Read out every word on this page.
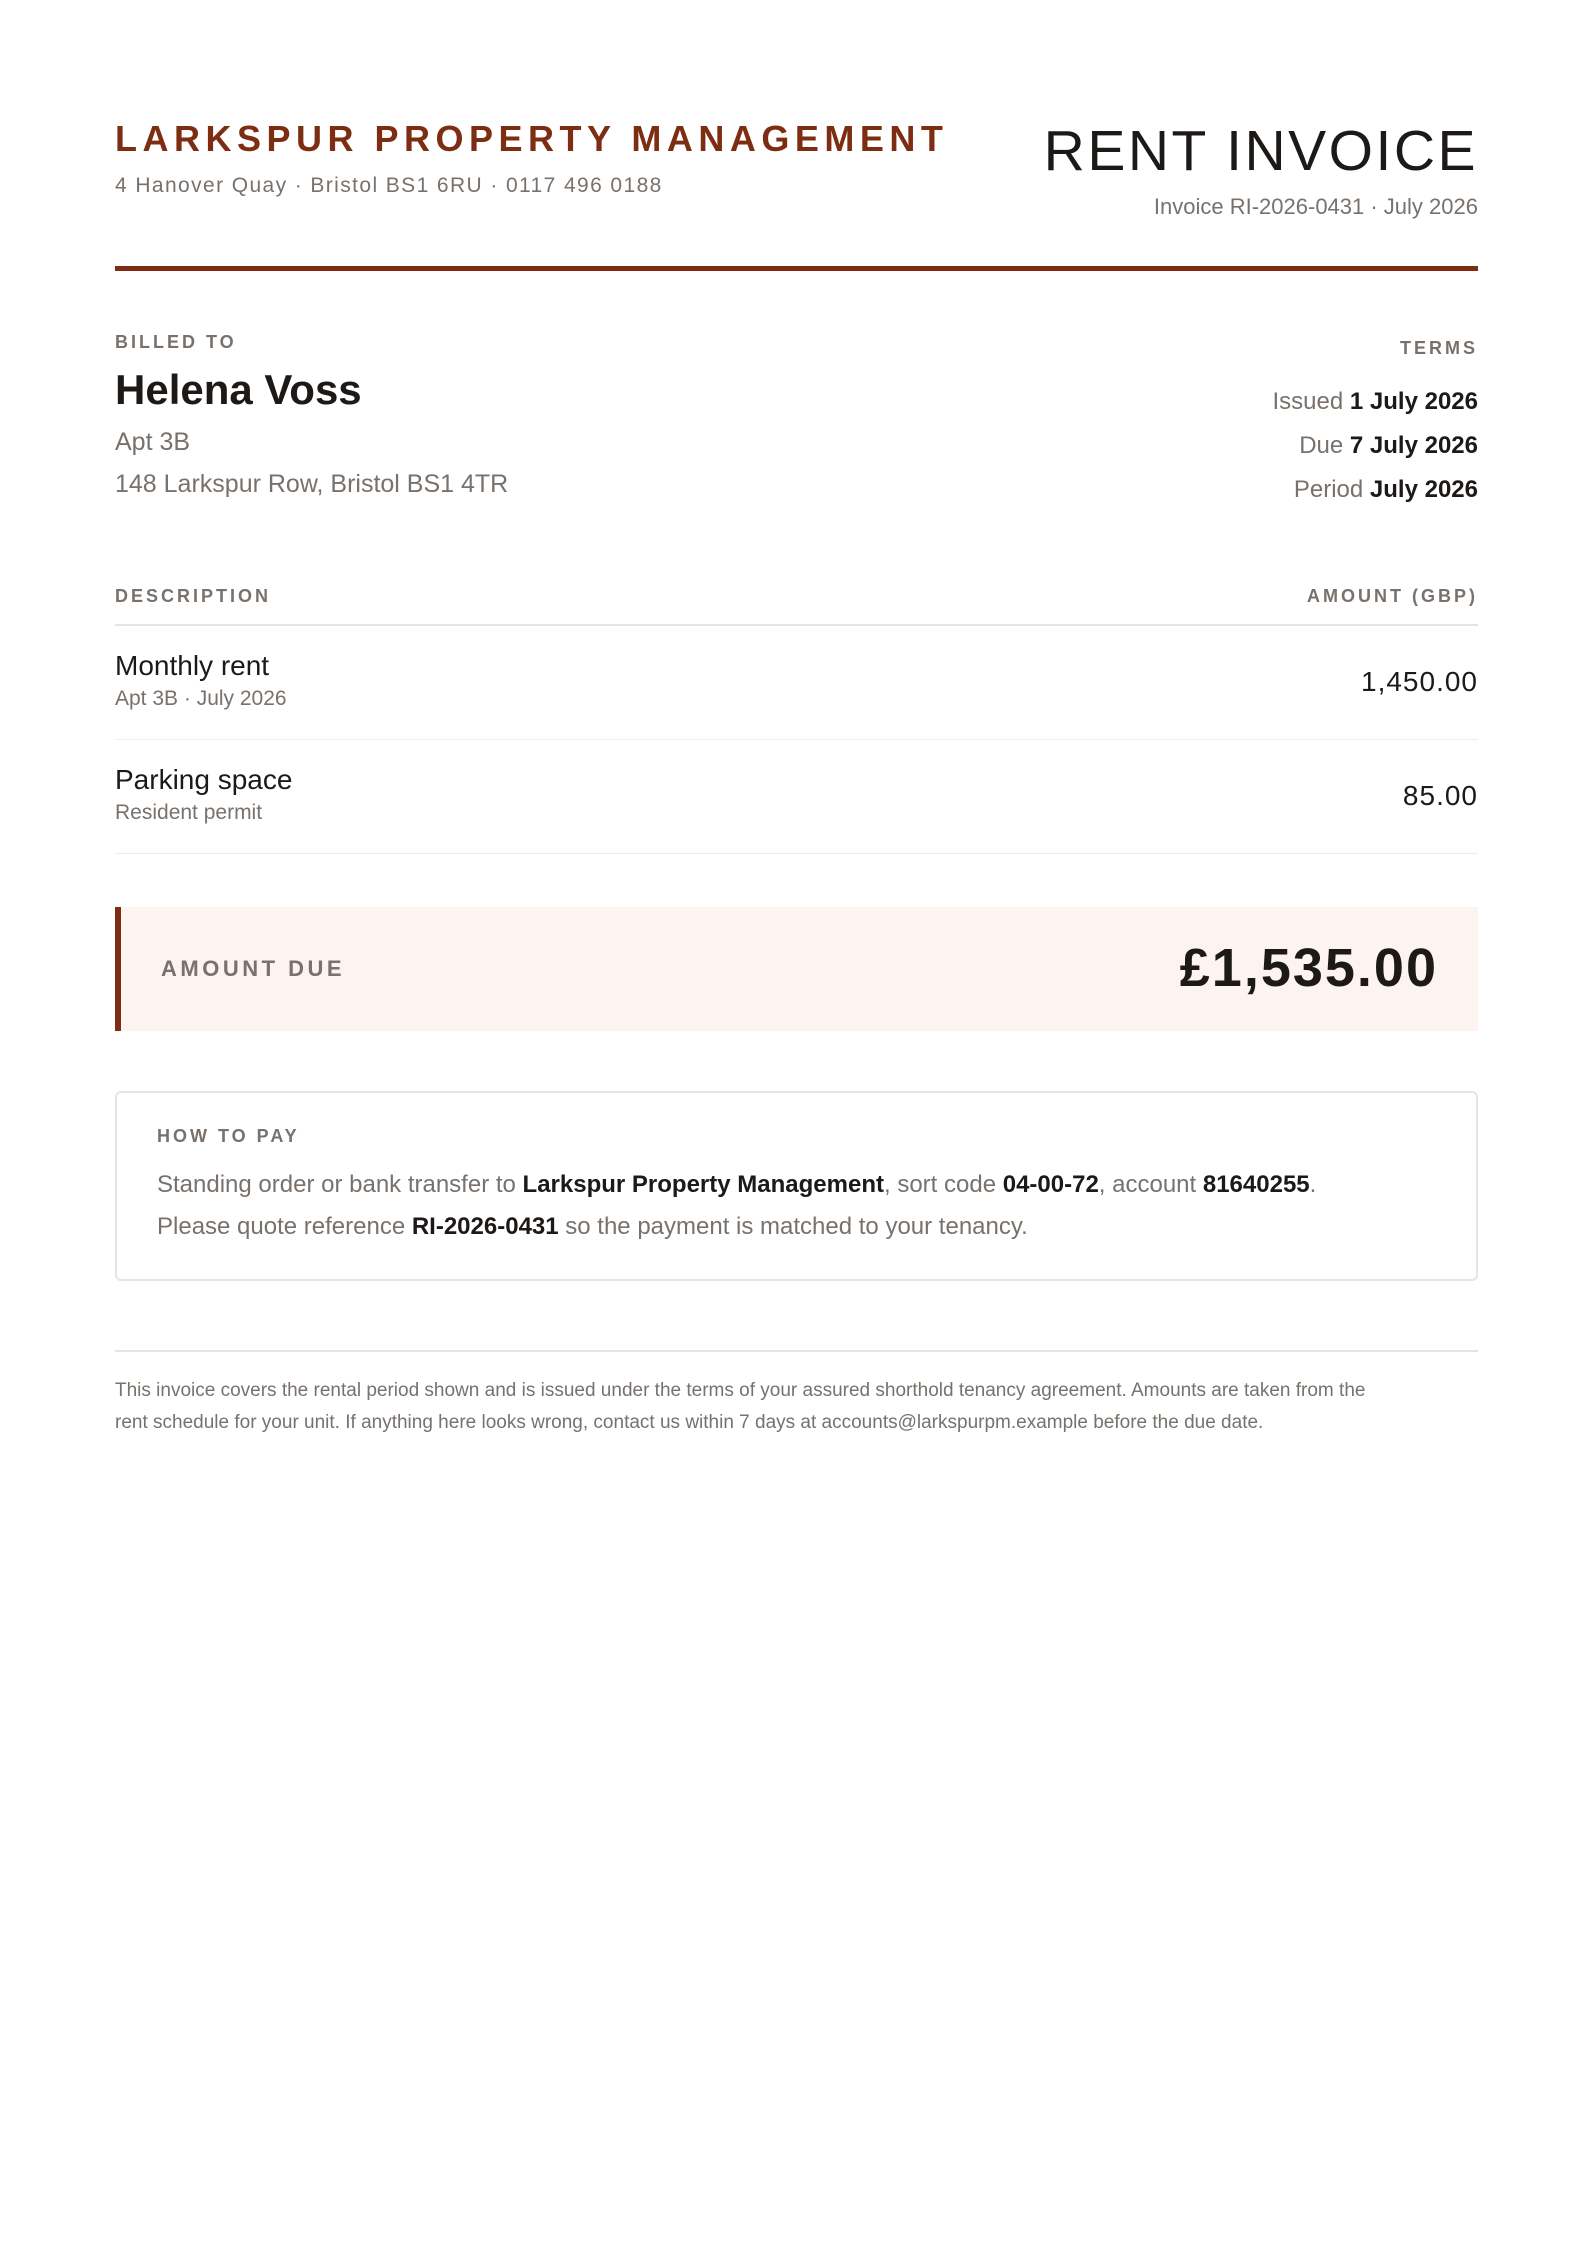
LARKSPUR PROPERTY MANAGEMENT
4 Hanover Quay · Bristol BS1 6RU · 0117 496 0188
RENT INVOICE
Invoice RI-2026-0431 · July 2026
BILLED TO
Helena Voss
Apt 3B
148 Larkspur Row, Bristol BS1 4TR
TERMS
Issued 1 July 2026
Due 7 July 2026
Period July 2026
DESCRIPTION	AMOUNT (GBP)
Monthly rent
Apt 3B · July 2026
1,450.00
Parking space
Resident permit
85.00
AMOUNT DUE	£1,535.00
HOW TO PAY
Standing order or bank transfer to Larkspur Property Management, sort code 04-00-72, account 81640255.
Please quote reference RI-2026-0431 so the payment is matched to your tenancy.
This invoice covers the rental period shown and is issued under the terms of your assured shorthold tenancy agreement. Amounts are taken from the
rent schedule for your unit. If anything here looks wrong, contact us within 7 days at accounts@larkspurpm.example before the due date.
